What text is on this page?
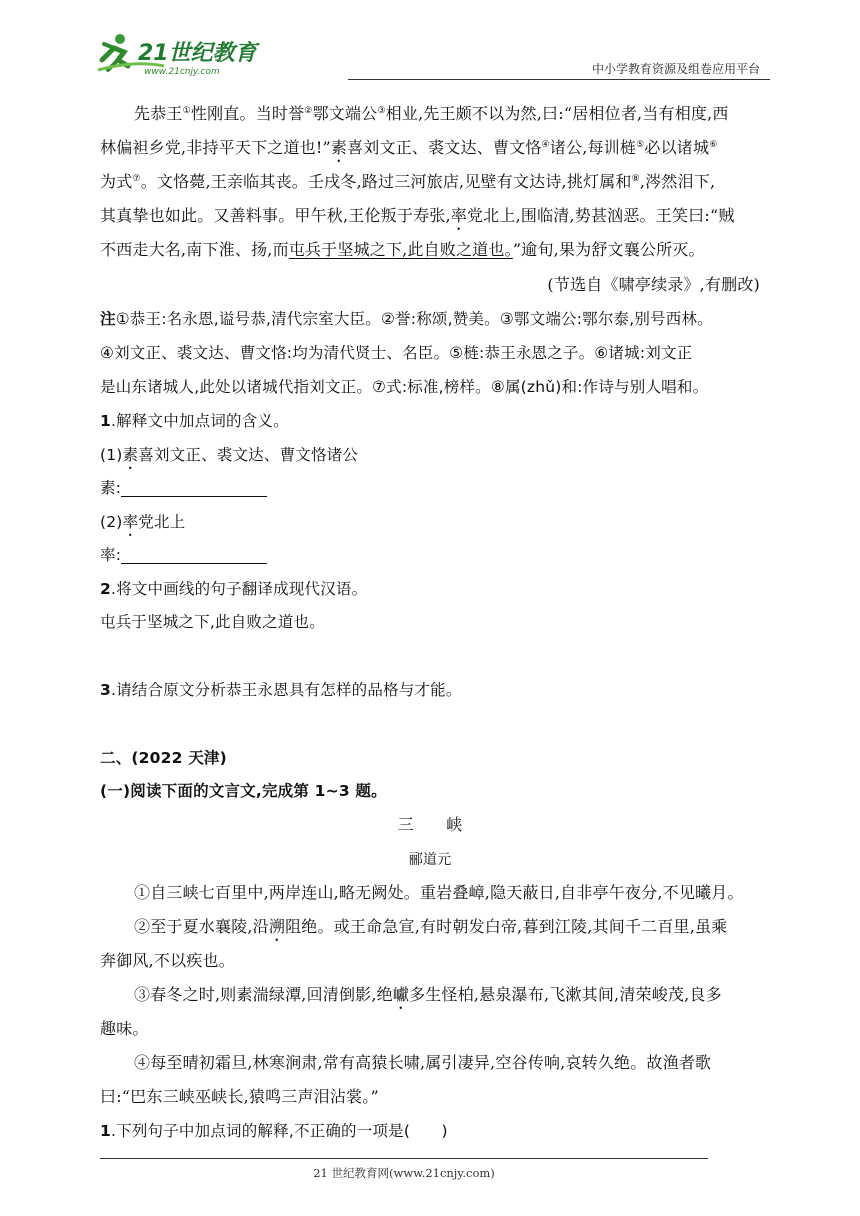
21世纪教育
www.21cnjy.com	中小学教育资源及组卷应用平台
先恭王①性刚直。当时誉②鄂文端公③相业,先王颇不以为然,曰:“居相位者,当有相度,西
林偏袒乡党,非持平天下之道也!”素喜刘文正、裘文达、曹文恪④诸公,每训梿⑤必以诸城⑥
为式⑦。文恪薨,王亲临其丧。壬戌冬,路过三河旅店,见壁有文达诗,挑灯属和⑧,涔然泪下,
其真挚也如此。又善料事。甲午秋,王伦叛于寿张,率党北上,围临清,势甚汹恶。王笑曰:“贼
不西走大名,南下淮、扬,而屯兵于坚城之下,此自败之道也。”逾旬,果为舒文襄公所灭。
(节选自《啸亭续录》,有删改)
注①恭王:名永恩,谥号恭,清代宗室大臣。②誉:称颂,赞美。③鄂文端公:鄂尔泰,别号西林。
④刘文正、裘文达、曹文恪:均为清代贤士、名臣。⑤梿:恭王永恩之子。⑥诸城:刘文正
是山东诸城人,此处以诸城代指刘文正。⑦式:标准,榜样。⑧属(zhǔ)和:作诗与别人唱和。
1.解释文中加点词的含义。
(1)素喜刘文正、裘文达、曹文恪诸公
素:
(2)率党北上
率:
2.将文中画线的句子翻译成现代汉语。
屯兵于坚城之下,此自败之道也。
3.请结合原文分析恭王永恩具有怎样的品格与才能。
二、(2022 天津)
(一)阅读下面的文言文,完成第 1~3 题。
三　　峡
郦道元
①自三峡七百里中,两岸连山,略无阙处。重岩叠嶂,隐天蔽日,自非亭午夜分,不见曦月。
②至于夏水襄陵,沿溯阻绝。或王命急宣,有时朝发白帝,暮到江陵,其间千二百里,虽乘
奔御风,不以疾也。
③春冬之时,则素湍绿潭,回清倒影,绝巘多生怪柏,悬泉瀑布,飞漱其间,清荣峻茂,良多
趣味。
④每至晴初霜旦,林寒涧肃,常有高猿长啸,属引凄异,空谷传响,哀转久绝。故渔者歌
曰:“巴东三峡巫峡长,猿鸣三声泪沾裳。”
1.下列句子中加点词的解释,不正确的一项是(　　)
21 世纪教育网(www.21cnjy.com)
